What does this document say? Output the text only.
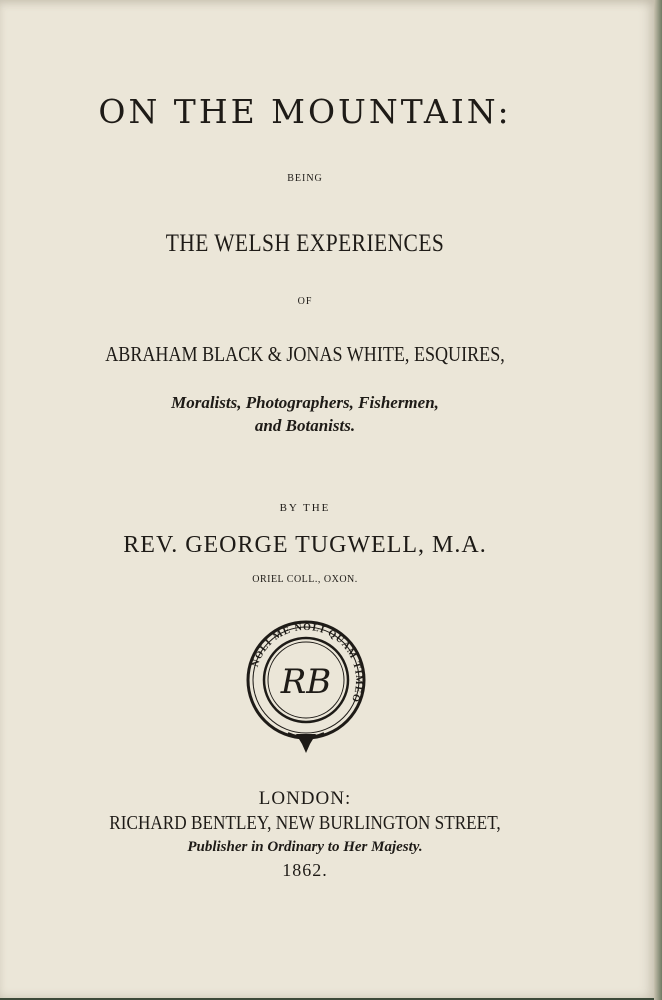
ON THE MOUNTAIN:
BEING
THE WELSH EXPERIENCES
OF
ABRAHAM BLACK & JONAS WHITE, ESQUIRES,
Moralists, Photographers, Fishermen,
and Botanists.
BY THE
REV. GEORGE TUGWELL, M.A.
ORIEL COLL., OXON.
NOLI ME NOLI QUAM TIMEO
RB
LONDON:
RICHARD BENTLEY, NEW BURLINGTON STREET,
Publisher in Ordinary to Her Majesty.
1862.
